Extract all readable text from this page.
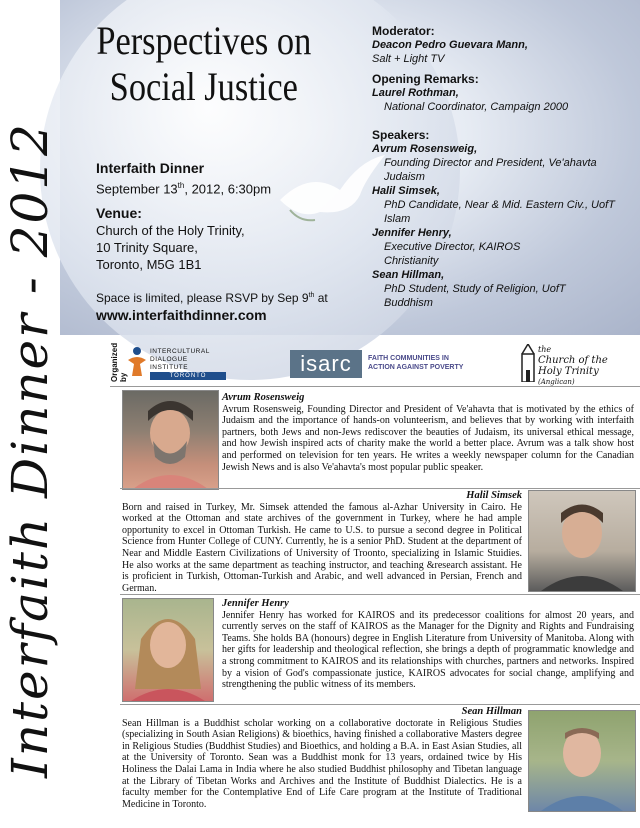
Interfaith Dinner - 2012
Perspectives on
Social Justice
Interfaith Dinner
September 13th, 2012, 6:30pm
Venue:
Church of the Holy Trinity,
10 Trinity Square,
Toronto, M5G 1B1
Space is limited, please RSVP by Sep 9th at
www.interfaithdinner.com
Moderator:
Deacon Pedro Guevara Mann,
Salt + Light TV
Opening Remarks:
Laurel Rothman,
National Coordinator, Campaign 2000
Speakers:
Avrum Rosensweig,
Founding Director and President, Ve'ahavta
Judaism
Halil Simsek,
PhD Candidate, Near & Mid. Eastern Civ., UofT
Islam
Jennifer Henry,
Executive Director, KAIROS
Christianity
Sean Hillman,
PhD Student, Study of Religion, UofT
Buddhism
Organized by
INTERCULTURAL
DIALOGUE
INSTITUTE
TORONTO	isarc	FAITH COMMUNITIES IN
ACTION AGAINST POVERTY
the
Church of the
Holy Trinity
(Anglican)
Avrum Rosensweig
Avrum Rosensweig, Founding Director and President of Ve'ahavta that is motivated by the ethics of Judaism and the importance of hands-on volunteerism, and believes that by working with interfaith partners, both Jews and non-Jews rediscover the beauties of Judaism, its universal ethical message, and how Jewish inspired acts of charity make the world a better place. Avrum was a talk show host and performed on television for ten years. He writes a weekly newspaper column for the Canadian Jewish News and is also Ve'ahavta's most popular public speaker.
Halil Simsek
Born and raised in Turkey, Mr. Simsek attended the famous al-Azhar University in Cairo. He worked at the Ottoman and state archives of the government in Turkey, where he had ample opportunity to excel in Ottoman Turkish. He came to U.S. to pursue a second degree in Political Science from Hunter College of CUNY. Currently, he is a senior PhD. Student at the department of Near and Middle Eastern Civilizations of University of Troonto, specializing in Islamic Stuidies. He also works at the same department as teaching instructor, and teaching &research assistant. He is proficient in Turkish, Ottoman-Turkish and Arabic, and well advanced in Persian, French and German.
Jennifer Henry
Jennifer Henry has worked for KAIROS and its predecessor coalitions for almost 20 years, and currently serves on the staff of KAIROS as the Manager for the Dignity and Rights and Fundraising Teams. She holds BA (honours) degree in English Literature from University of Manitoba. Along with her gifts for leadership and theological reflection, she brings a depth of programmatic knowledge and a strong commitment to KAIROS and its relationships with churches, partners and networks. Inspired by a vision of God's compassionate justice, KAIROS advocates for social change, amplifying and strengthening the public witness of its members.
Sean Hillman
Sean Hillman is a Buddhist scholar working on a collaborative doctorate in Religious Studies (specializing in South Asian Religions) & bioethics, having finished a collaborative Masters degree in Religious Studies (Buddhist Studies) and Bioethics, and holding a B.A. in East Asian Studies, all at the University of Toronto. Sean was a Buddhist monk for 13 years, ordained twice by His Holiness the Dalai Lama in India where he also studied Buddhist philosophy and Tibetan language at the Library of Tibetan Works and Archives and the Institute of Buddhist Dialectics. He is a faculty member for the Contemplative End of Life Care program at the Institute of Traditional Medicine in Toronto.
